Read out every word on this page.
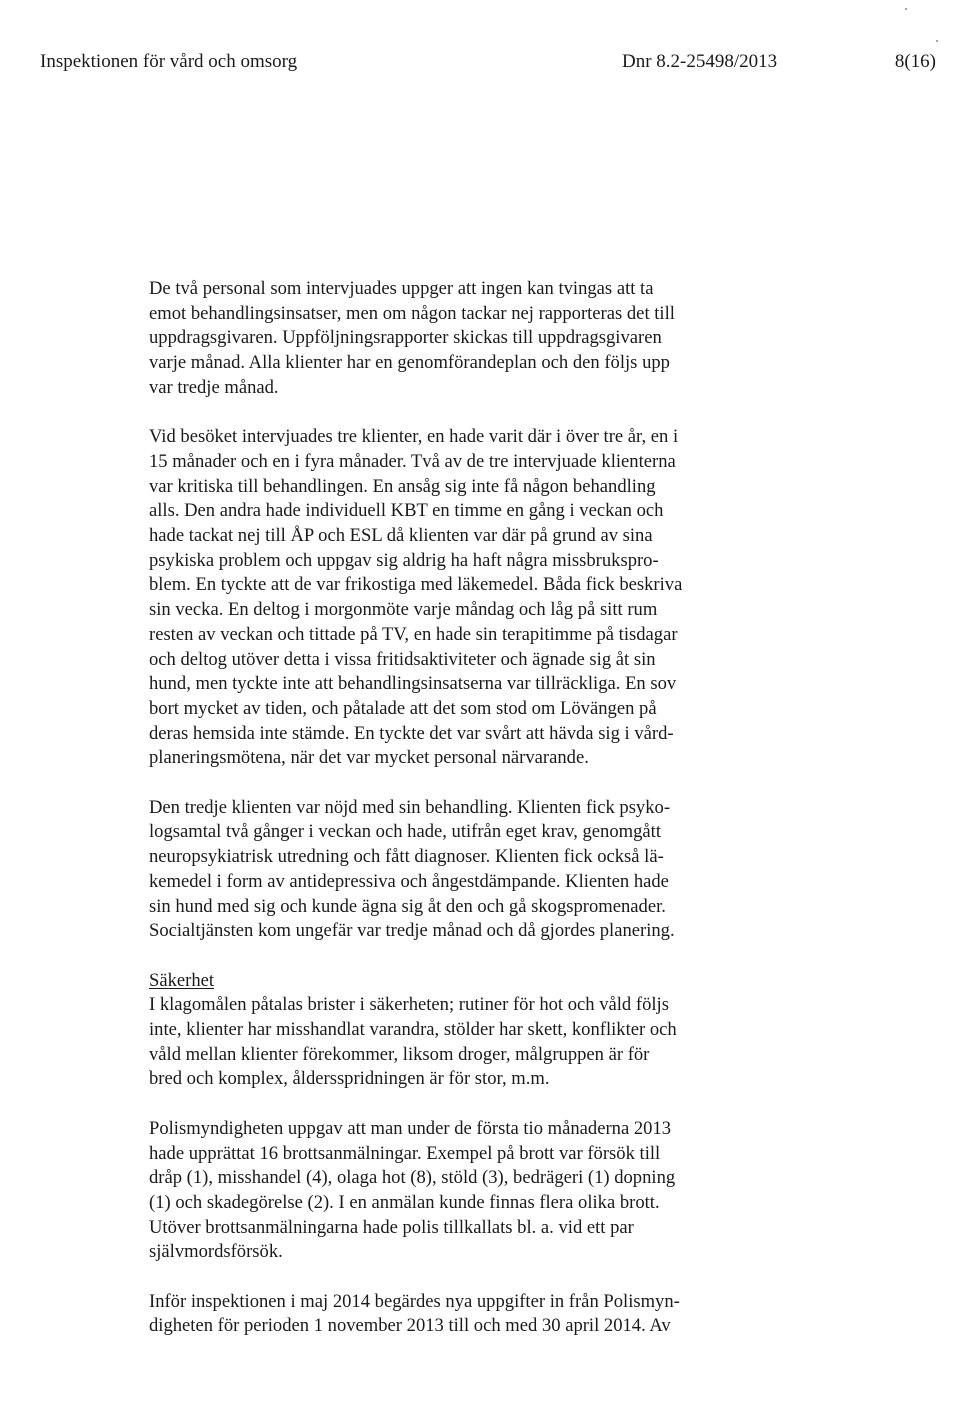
Inspektionen för vård och omsorg	Dnr 8.2-25498/2013	8(16)

De två personal som intervjuades uppger att ingen kan tvingas att ta

emot behandlingsinsatser, men om någon tackar nej rapporteras det till

uppdragsgivaren. Uppföljningsrapporter skickas till uppdragsgivaren

varje månad. Alla klienter har en genomförandeplan och den följs upp

var tredje månad.

Vid besöket intervjuades tre klienter, en hade varit där i över tre år, en i

15 månader och en i fyra månader. Två av de tre intervjuade klienterna

var kritiska till behandlingen. En ansåg sig inte få någon behandling

alls. Den andra hade individuell KBT en timme en gång i veckan och

hade tackat nej till ÅP och ESL då klienten var där på grund av sina

psykiska problem och uppgav sig aldrig ha haft några missbrukspro-

blem. En tyckte att de var frikostiga med läkemedel. Båda fick beskriva

sin vecka. En deltog i morgonmöte varje måndag och låg på sitt rum

resten av veckan och tittade på TV, en hade sin terapitimme på tisdagar

och deltog utöver detta i vissa fritidsaktiviteter och ägnade sig åt sin

hund, men tyckte inte att behandlingsinsatserna var tillräckliga. En sov

bort mycket av tiden, och påtalade att det som stod om Lövängen på

deras hemsida inte stämde. En tyckte det var svårt att hävda sig i vård-

planeringsmötena, när det var mycket personal närvarande.

Den tredje klienten var nöjd med sin behandling. Klienten fick psyko-

logsamtal två gånger i veckan och hade, utifrån eget krav, genomgått

neuropsykiatrisk utredning och fått diagnoser. Klienten fick också lä-

kemedel i form av antidepressiva och ångestdämpande. Klienten hade

sin hund med sig och kunde ägna sig åt den och gå skogspromenader.

Socialtjänsten kom ungefär var tredje månad och då gjordes planering.

Säkerhet

I klagomålen påtalas brister i säkerheten; rutiner för hot och våld följs

inte, klienter har misshandlat varandra, stölder har skett, konflikter och

våld mellan klienter förekommer, liksom droger, målgruppen är för

bred och komplex, åldersspridningen är för stor, m.m.

Polismyndigheten uppgav att man under de första tio månaderna 2013

hade upprättat 16 brottsanmälningar. Exempel på brott var försök till

dråp (1), misshandel (4), olaga hot (8), stöld (3), bedrägeri (1) dopning

(1) och skadegörelse (2). I en anmälan kunde finnas flera olika brott.

Utöver brottsanmälningarna hade polis tillkallats bl. a. vid ett par

självmordsförsök.

Inför inspektionen i maj 2014 begärdes nya uppgifter in från Polismyn-

digheten för perioden 1 november 2013 till och med 30 april 2014. Av
